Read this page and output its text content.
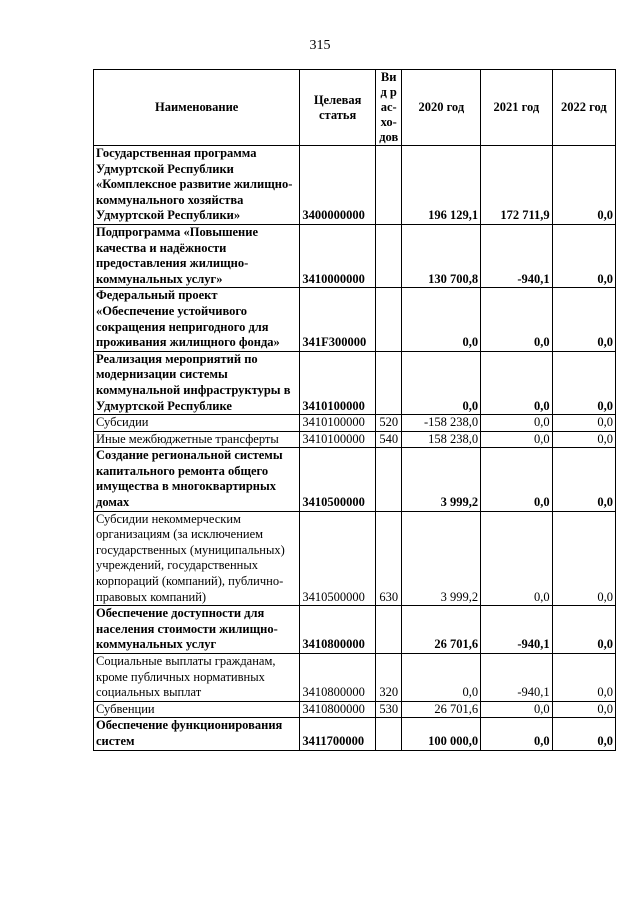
315
Наименование	Целевая статья	Вид рас-хо-дов	2020 год	2021 год	2022 год
Государственная программа Удмуртской Республики «Комплексное развитие жилищно-коммунального хозяйства Удмуртской Республики»	3400000000		196 129,1	172 711,9	0,0
Подпрограмма «Повышение качества и надёжности предоставления жилищно-коммунальных услуг»	3410000000		130 700,8	-940,1	0,0
Федеральный проект «Обеспечение устойчивого сокращения непригодного для проживания жилищного фонда»	341F300000		0,0	0,0	0,0
Реализация мероприятий по модернизации системы коммунальной инфраструктуры в Удмуртской Республике	3410100000		0,0	0,0	0,0
Субсидии	3410100000	520	-158 238,0	0,0	0,0
Иные межбюджетные трансферты	3410100000	540	158 238,0	0,0	0,0
Создание региональной системы капитального ремонта общего имущества в многоквартирных домах	3410500000		3 999,2	0,0	0,0
Субсидии некоммерческим организациям (за исключением государственных (муниципальных) учреждений, государственных корпораций (компаний), публично-правовых компаний)	3410500000	630	3 999,2	0,0	0,0
Обеспечение доступности для населения стоимости жилищно-коммунальных услуг	3410800000		26 701,6	-940,1	0,0
Социальные выплаты гражданам, кроме публичных нормативных социальных выплат	3410800000	320	0,0	-940,1	0,0
Субвенции	3410800000	530	26 701,6	0,0	0,0
Обеспечение функционирования систем	3411700000		100 000,0	0,0	0,0
